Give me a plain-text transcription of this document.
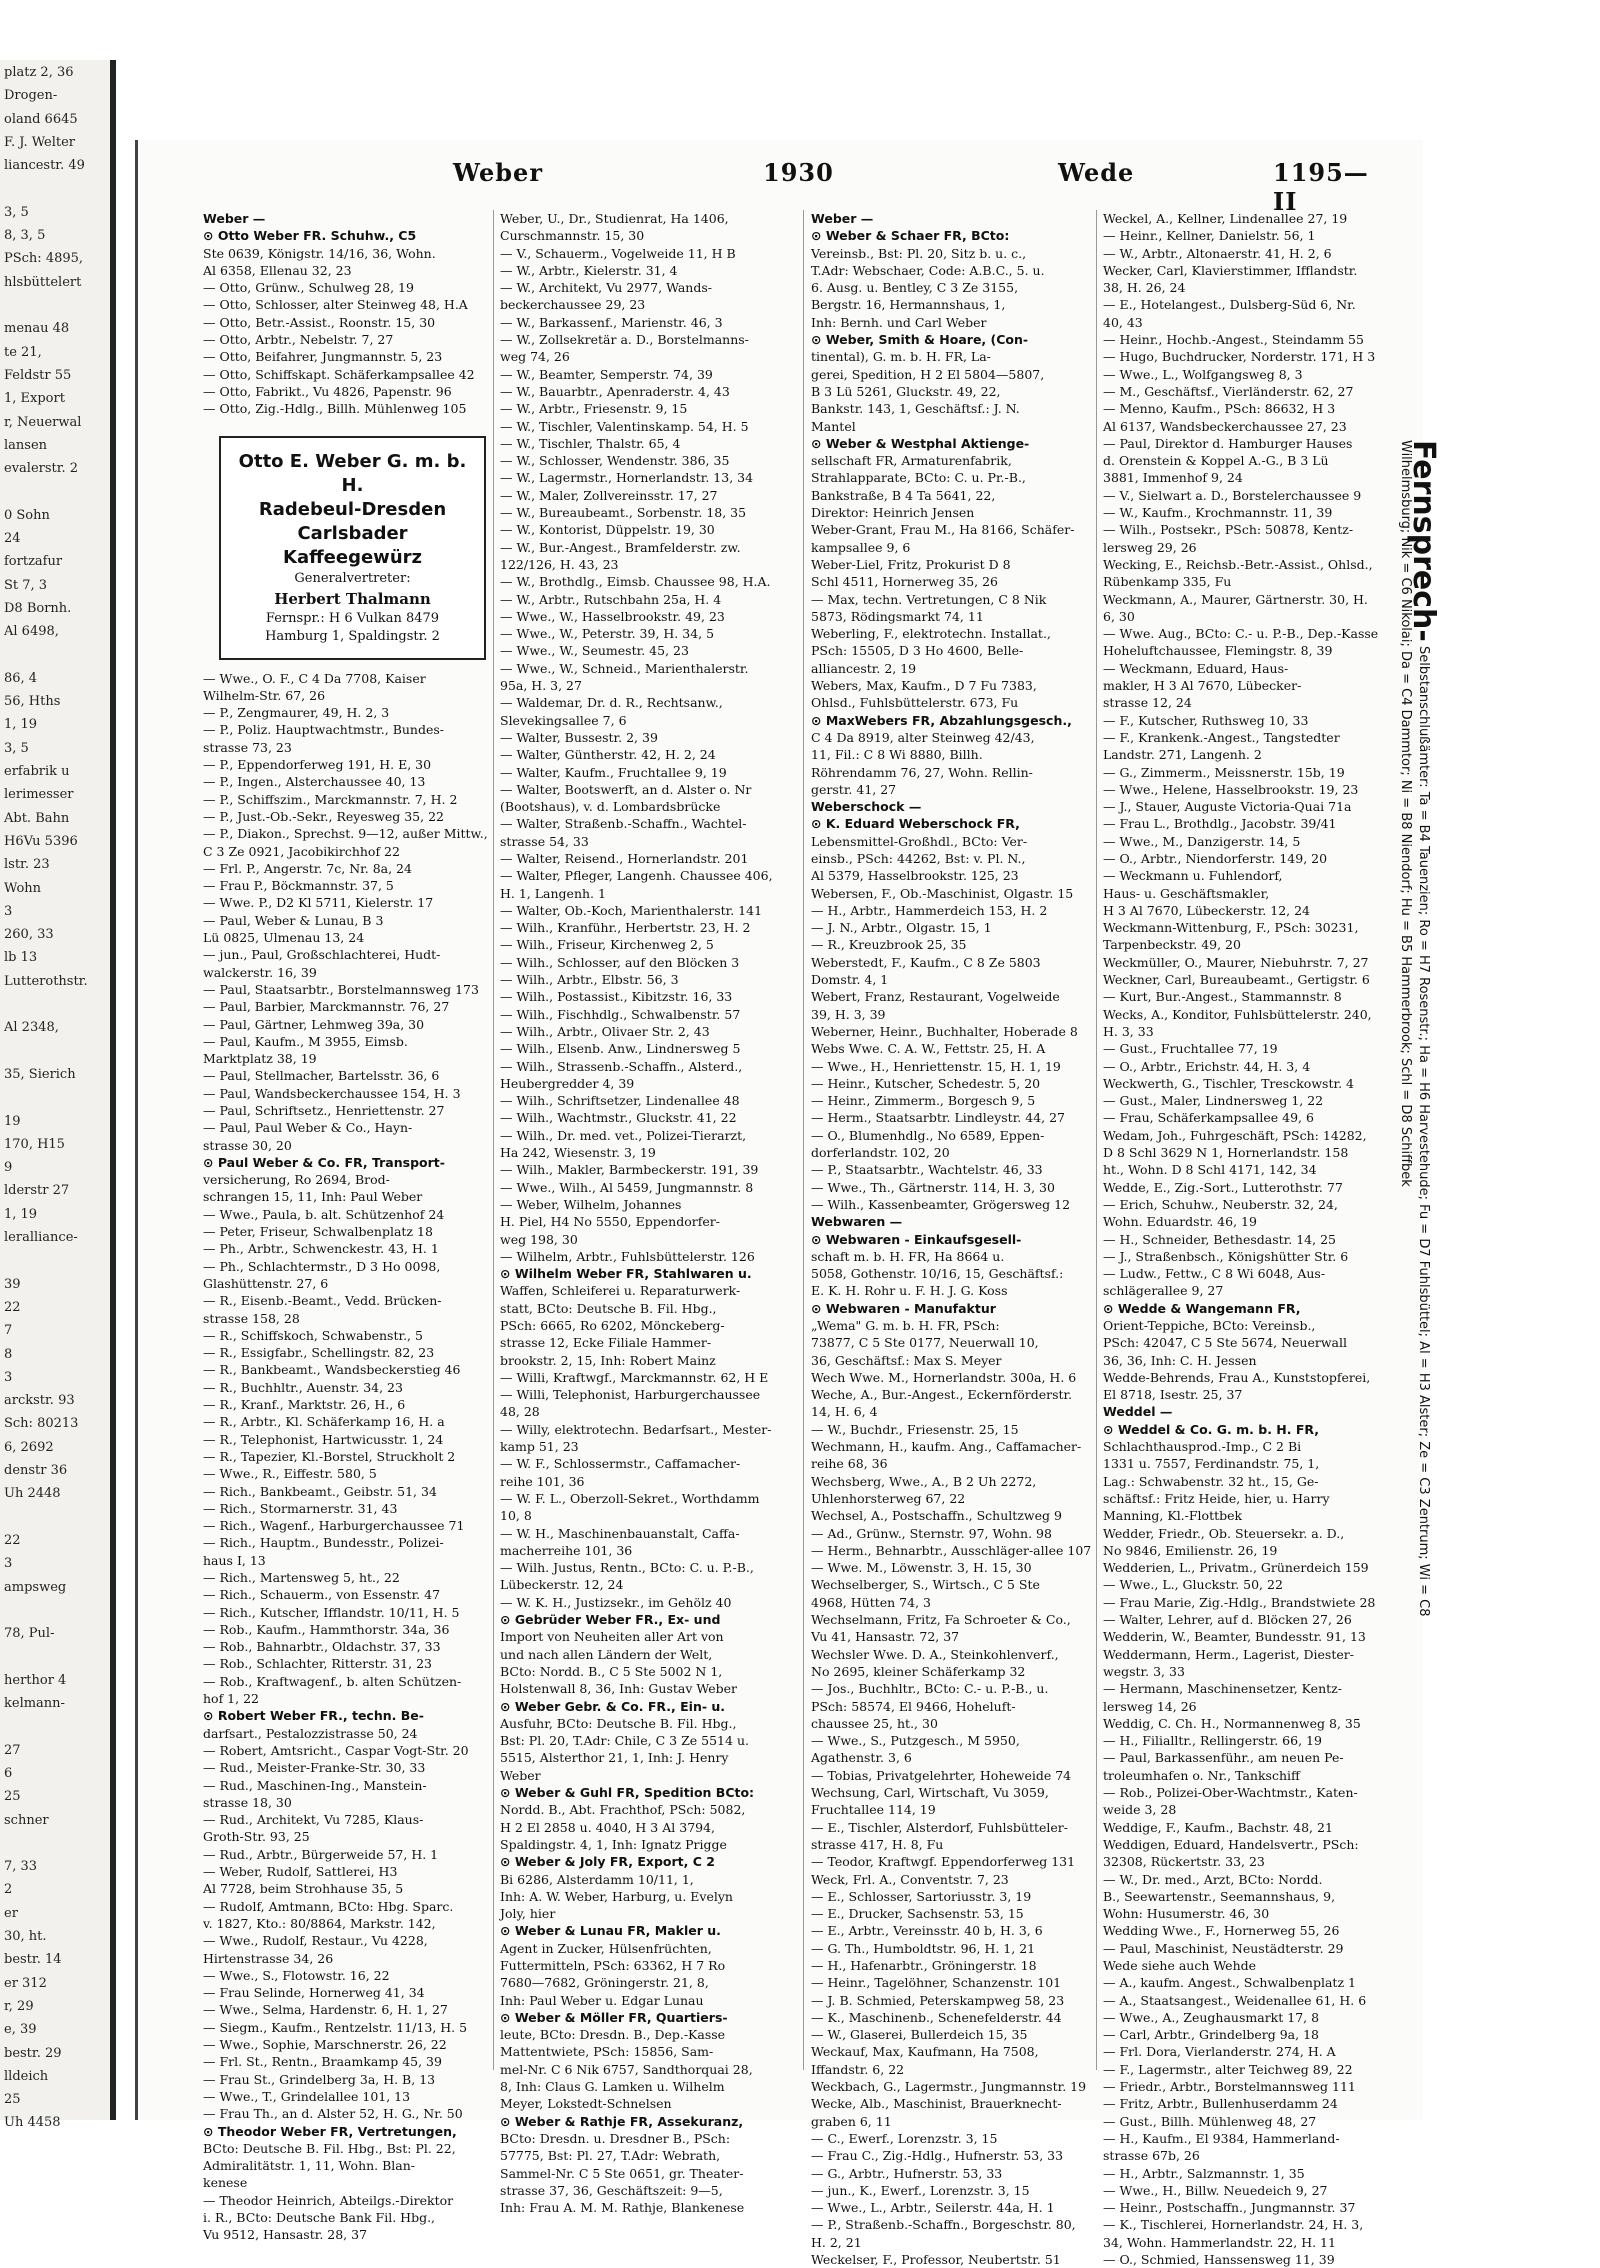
platz 2, 36
Drogen-
oland 6645
F. J. Welter
liancestr. 49
3, 5
8, 3, 5
PSch: 4895,
hlsbüttelert
menau 48
te 21,
Feldstr 55
1, Export
r, Neuerwal
lansen
evalerstr. 2
0 Sohn
24
fortzafur
St 7, 3
D8 Bornh.
Al 6498,
86, 4
56, Hths
1, 19
3, 5
erfabrik u
lerimesser
Abt. Bahn
H6Vu 5396
lstr. 23
Wohn
3
260, 33
lb 13
Lutterothstr.
Al 2348,
35, Sierich
19
170, H15
9
lderstr 27
1, 19
leralliance-
39
22
7
8
3
arckstr. 93
Sch: 80213
6, 2692
denstr 36
Uh 2448
22
3
ampsweg
78, Pul-
herthor 4
kelmann-
27
6
25
schner
7, 33
2
er
30, ht.
bestr. 14
er 312
r, 29
e, 39
bestr. 29
lldeich
25
Uh 4458
Weber	1930	Wede	1195—II
Weber —
⊙ Otto Weber FR. Schuhw., C5
Ste 0639, Königstr. 14/16, 36, Wohn.
Al 6358, Ellenau 32, 23
— Otto, Grünw., Schulweg 28, 19
— Otto, Schlosser, alter Steinweg 48, H.A
— Otto, Betr.-Assist., Roonstr. 15, 30
— Otto, Arbtr., Nebelstr. 7, 27
— Otto, Beifahrer, Jungmannstr. 5, 23
— Otto, Schiffskapt. Schäferkampsallee 42
— Otto, Fabrikt., Vu 4826, Papenstr. 96
— Otto, Zig.-Hdlg., Billh. Mühlenweg 105
Otto E. Weber G. m. b. H.
Radebeul-Dresden
Carlsbader Kaffeegewürz
Generalvertreter:
Herbert Thalmann
Fernspr.: H 6 Vulkan 8479
Hamburg 1, Spaldingstr. 2
— Wwe., O. F., C 4 Da 7708, Kaiser
Wilhelm-Str. 67, 26
— P., Zengmaurer, 49, H. 2, 3
— P., Poliz. Hauptwachtmstr., Bundes-
strasse 73, 23
— P., Eppendorferweg 191, H. E, 30
— P., Ingen., Alsterchaussee 40, 13
— P., Schiffszim., Marckmannstr. 7, H. 2
— P., Just.-Ob.-Sekr., Reyesweg 35, 22
— P., Diakon., Sprechst. 9—12, außer Mittw.,
C 3 Ze 0921, Jacobikirchhof 22
— Frl. P., Angerstr. 7c, Nr. 8a, 24
— Frau P., Böckmannstr. 37, 5
— Wwe. P., D2 Kl 5711, Kielerstr. 17
— Paul, Weber & Lunau, B 3
Lü 0825, Ulmenau 13, 24
— jun., Paul, Großschlachterei, Hudt-
walckerstr. 16, 39
— Paul, Staatsarbtr., Borstelmannsweg 173
— Paul, Barbier, Marckmannstr. 76, 27
— Paul, Gärtner, Lehmweg 39a, 30
— Paul, Kaufm., M 3955, Eimsb.
Marktplatz 38, 19
— Paul, Stellmacher, Bartelsstr. 36, 6
— Paul, Wandsbeckerchaussee 154, H. 3
— Paul, Schriftsetz., Henriettenstr. 27
— Paul, Paul Weber & Co., Hayn-
strasse 30, 20
⊙ Paul Weber & Co. FR, Transport-
versicherung, Ro 2694, Brod-
schrangen 15, 11, Inh: Paul Weber
— Wwe., Paula, b. alt. Schützenhof 24
— Peter, Friseur, Schwalbenplatz 18
— Ph., Arbtr., Schwenckestr. 43, H. 1
— Ph., Schlachtermstr., D 3 Ho 0098,
Glashüttenstr. 27, 6
— R., Eisenb.-Beamt., Vedd. Brücken-
strasse 158, 28
— R., Schiffskoch, Schwabenstr., 5
— R., Essigfabr., Schellingstr. 82, 23
— R., Bankbeamt., Wandsbeckerstieg 46
— R., Buchhltr., Auenstr. 34, 23
— R., Kranf., Marktstr. 26, H., 6
— R., Arbtr., Kl. Schäferkamp 16, H. a
— R., Telephonist, Hartwicusstr. 1, 24
— R., Tapezier, Kl.-Borstel, Struckholt 2
— Wwe., R., Eiffestr. 580, 5
— Rich., Bankbeamt., Geibstr. 51, 34
— Rich., Stormarnerstr. 31, 43
— Rich., Wagenf., Harburgerchaussee 71
— Rich., Hauptm., Bundesstr., Polizei-
haus I, 13
— Rich., Martensweg 5, ht., 22
— Rich., Schauerm., von Essenstr. 47
— Rich., Kutscher, Ifflandstr. 10/11, H. 5
— Rob., Kaufm., Hammthorstr. 34a, 36
— Rob., Bahnarbtr., Oldachstr. 37, 33
— Rob., Schlachter, Ritterstr. 31, 23
— Rob., Kraftwagenf., b. alten Schützen-
hof 1, 22
⊙ Robert Weber FR., techn. Be-
darfsart., Pestalozzistrasse 50, 24
— Robert, Amtsricht., Caspar Vogt-Str. 20
— Rud., Meister-Franke-Str. 30, 33
— Rud., Maschinen-Ing., Manstein-
strasse 18, 30
— Rud., Architekt, Vu 7285, Klaus-
Groth-Str. 93, 25
— Rud., Arbtr., Bürgerweide 57, H. 1
— Weber, Rudolf, Sattlerei, H3
Al 7728, beim Strohhause 35, 5
— Rudolf, Amtmann, BCto: Hbg. Sparc.
v. 1827, Kto.: 80/8864, Markstr. 142,
— Wwe., Rudolf, Restaur., Vu 4228,
Hirtenstrasse 34, 26
— Wwe., S., Flotowstr. 16, 22
— Frau Selinde, Hornerweg 41, 34
— Wwe., Selma, Hardenstr. 6, H. 1, 27
— Siegm., Kaufm., Rentzelstr. 11/13, H. 5
— Wwe., Sophie, Marschnerstr. 26, 22
— Frl. St., Rentn., Braamkamp 45, 39
— Frau St., Grindelberg 3a, H. B, 13
— Wwe., T., Grindelallee 101, 13
— Frau Th., an d. Alster 52, H. G., Nr. 50
⊙ Theodor Weber FR, Vertretungen,
BCto: Deutsche B. Fil. Hbg., Bst: Pl. 22,
Admiralitätstr. 1, 11, Wohn. Blan-
kenese
— Theodor Heinrich, Abteilgs.-Direktor
i. R., BCto: Deutsche Bank Fil. Hbg.,
Vu 9512, Hansastr. 28, 37
Weber, U., Dr., Studienrat, Ha 1406,
Curschmannstr. 15, 30
— V., Schauerm., Vogelweide 11, H B
— W., Arbtr., Kielerstr. 31, 4
— W., Architekt, Vu 2977, Wands-
beckerchaussee 29, 23
— W., Barkassenf., Marienstr. 46, 3
— W., Zollsekretär a. D., Borstelmanns-
weg 74, 26
— W., Beamter, Semperstr. 74, 39
— W., Bauarbtr., Apenraderstr. 4, 43
— W., Arbtr., Friesenstr. 9, 15
— W., Tischler, Valentinskamp. 54, H. 5
— W., Tischler, Thalstr. 65, 4
— W., Schlosser, Wendenstr. 386, 35
— W., Lagermstr., Hornerlandstr. 13, 34
— W., Maler, Zollvereinsstr. 17, 27
— W., Bureaubeamt., Sorbenstr. 18, 35
— W., Kontorist, Düppelstr. 19, 30
— W., Bur.-Angest., Bramfelderstr. zw.
122/126, H. 43, 23
— W., Brothdlg., Eimsb. Chaussee 98, H.A.
— W., Arbtr., Rutschbahn 25a, H. 4
— Wwe., W., Hasselbrookstr. 49, 23
— Wwe., W., Peterstr. 39, H. 34, 5
— Wwe., W., Seumestr. 45, 23
— Wwe., W., Schneid., Marienthalerstr.
95a, H. 3, 27
— Waldemar, Dr. d. R., Rechtsanw.,
Slevekingsallee 7, 6
— Walter, Bussestr. 2, 39
— Walter, Güntherstr. 42, H. 2, 24
— Walter, Kaufm., Fruchtallee 9, 19
— Walter, Bootswerft, an d. Alster o. Nr
(Bootshaus), v. d. Lombardsbrücke
— Walter, Straßenb.-Schaffn., Wachtel-
strasse 54, 33
— Walter, Reisend., Hornerlandstr. 201
— Walter, Pfleger, Langenh. Chaussee 406,
H. 1, Langenh. 1
— Walter, Ob.-Koch, Marienthalerstr. 141
— Wilh., Kranführ., Herbertstr. 23, H. 2
— Wilh., Friseur, Kirchenweg 2, 5
— Wilh., Schlosser, auf den Blöcken 3
— Wilh., Arbtr., Elbstr. 56, 3
— Wilh., Postassist., Kibitzstr. 16, 33
— Wilh., Fischhdlg., Schwalbenstr. 57
— Wilh., Arbtr., Olivaer Str. 2, 43
— Wilh., Elsenb. Anw., Lindnersweg 5
— Wilh., Strassenb.-Schaffn., Alsterd.,
Heubergredder 4, 39
— Wilh., Schriftsetzer, Lindenallee 48
— Wilh., Wachtmstr., Gluckstr. 41, 22
— Wilh., Dr. med. vet., Polizei-Tierarzt,
Ha 242, Wiesenstr. 3, 19
— Wilh., Makler, Barmbeckerstr. 191, 39
— Wwe., Wilh., Al 5459, Jungmannstr. 8
— Weber, Wilhelm, Johannes
H. Piel, H4 No 5550, Eppendorfer-
weg 198, 30
— Wilhelm, Arbtr., Fuhlsbüttelerstr. 126
⊙ Wilhelm Weber FR, Stahlwaren u.
Waffen, Schleiferei u. Reparaturwerk-
statt, BCto: Deutsche B. Fil. Hbg.,
PSch: 6665, Ro 6202, Mönckeberg-
strasse 12, Ecke Filiale Hammer-
brookstr. 2, 15, Inh: Robert Mainz
— Willi, Kraftwgf., Marckmannstr. 62, H E
— Willi, Telephonist, Harburgerchaussee
48, 28
— Willy, elektrotechn. Bedarfsart., Mester-
kamp 51, 23
— W. F., Schlossermstr., Caffamacher-
reihe 101, 36
— W. F. L., Oberzoll-Sekret., Worthdamm
10, 8
— W. H., Maschinenbauanstalt, Caffa-
macherreihe 101, 36
— Wilh. Justus, Rentn., BCto: C. u. P.-B.,
Lübeckerstr. 12, 24
— W. K. H., Justizsekr., im Gehölz 40
⊙ Gebrüder Weber FR., Ex- und
Import von Neuheiten aller Art von
und nach allen Ländern der Welt,
BCto: Nordd. B., C 5 Ste 5002 N 1,
Holstenwall 8, 36, Inh: Gustav Weber
⊙ Weber Gebr. & Co. FR., Ein- u.
Ausfuhr, BCto: Deutsche B. Fil. Hbg.,
Bst: Pl. 20, T.Adr: Chile, C 3 Ze 5514 u.
5515, Alsterthor 21, 1, Inh: J. Henry
Weber
⊙ Weber & Guhl FR, Spedition BCto:
Nordd. B., Abt. Frachthof, PSch: 5082,
H 2 El 2858 u. 4040, H 3 Al 3794,
Spaldingstr. 4, 1, Inh: Ignatz Prigge
⊙ Weber & Joly FR, Export, C 2
Bi 6286, Alsterdamm 10/11, 1,
Inh: A. W. Weber, Harburg, u. Evelyn
Joly, hier
⊙ Weber & Lunau FR, Makler u.
Agent in Zucker, Hülsenfrüchten,
Futtermitteln, PSch: 63362, H 7 Ro
7680—7682, Gröningerstr. 21, 8,
Inh: Paul Weber u. Edgar Lunau
⊙ Weber & Möller FR, Quartiers-
leute, BCto: Dresdn. B., Dep.-Kasse
Mattentwiete, PSch: 15856, Sam-
mel-Nr. C 6 Nik 6757, Sandthorquai 28,
8, Inh: Claus G. Lamken u. Wilhelm
Meyer, Lokstedt-Schnelsen
⊙ Weber & Rathje FR, Assekuranz,
BCto: Dresdn. u. Dresdner B., PSch:
57775, Bst: Pl. 27, T.Adr: Webrath,
Sammel-Nr. C 5 Ste 0651, gr. Theater-
strasse 37, 36, Geschäftszeit: 9—5,
Inh: Frau A. M. M. Rathje, Blankenese
Weber —
⊙ Weber & Schaer FR, BCto:
Vereinsb., Bst: Pl. 20, Sitz b. u. c.,
T.Adr: Webschaer, Code: A.B.C., 5. u.
6. Ausg. u. Bentley, C 3 Ze 3155,
Bergstr. 16, Hermannshaus, 1,
Inh: Bernh. und Carl Weber
⊙ Weber, Smith & Hoare, (Con-
tinental), G. m. b. H. FR, La-
gerei, Spedition, H 2 El 5804—5807,
B 3 Lü 5261, Gluckstr. 49, 22,
Bankstr. 143, 1, Geschäftsf.: J. N.
Mantel
⊙ Weber & Westphal Aktienge-
sellschaft FR, Armaturenfabrik,
Strahlapparate, BCto: C. u. Pr.-B.,
Bankstraße, B 4 Ta 5641, 22,
Direktor: Heinrich Jensen
Weber-Grant, Frau M., Ha 8166, Schäfer-
kampsallee 9, 6
Weber-Liel, Fritz, Prokurist D 8
Schl 4511, Hornerweg 35, 26
— Max, techn. Vertretungen, C 8 Nik
5873, Rödingsmarkt 74, 11
Weberling, F., elektrotechn. Installat.,
PSch: 15505, D 3 Ho 4600, Belle-
alliancestr. 2, 19
Webers, Max, Kaufm., D 7 Fu 7383,
Ohlsd., Fuhlsbüttelerstr. 673, Fu
⊙ MaxWebers FR, Abzahlungsgesch.,
C 4 Da 8919, alter Steinweg 42/43,
11, Fil.: C 8 Wi 8880, Billh.
Röhrendamm 76, 27, Wohn. Rellin-
gerstr. 41, 27
Weberschock —
⊙ K. Eduard Weberschock FR,
Lebensmittel-Großhdl., BCto: Ver-
einsb., PSch: 44262, Bst: v. Pl. N.,
Al 5379, Hasselbrookstr. 125, 23
Webersen, F., Ob.-Maschinist, Olgastr. 15
— H., Arbtr., Hammerdeich 153, H. 2
— J. N., Arbtr., Olgastr. 15, 1
— R., Kreuzbrook 25, 35
Weberstedt, F., Kaufm., C 8 Ze 5803
Domstr. 4, 1
Webert, Franz, Restaurant, Vogelweide
39, H. 3, 39
Weberner, Heinr., Buchhalter, Hoberade 8
Webs Wwe. C. A. W., Fettstr. 25, H. A
— Wwe., H., Henriettenstr. 15, H. 1, 19
— Heinr., Kutscher, Schedestr. 5, 20
— Heinr., Zimmerm., Borgesch 9, 5
— Herm., Staatsarbtr. Lindleystr. 44, 27
— O., Blumenhdlg., No 6589, Eppen-
dorferlandstr. 102, 20
— P., Staatsarbtr., Wachtelstr. 46, 33
— Wwe., Th., Gärtnerstr. 114, H. 3, 30
— Wilh., Kassenbeamter, Grögersweg 12
Webwaren —
⊙ Webwaren - Einkaufsgesell-
schaft m. b. H. FR, Ha 8664 u.
5058, Gothenstr. 10/16, 15, Geschäftsf.:
E. K. H. Rohr u. F. H. J. G. Koss
⊙ Webwaren - Manufaktur
„Wema" G. m. b. H. FR, PSch:
73877, C 5 Ste 0177, Neuerwall 10,
36, Geschäftsf.: Max S. Meyer
Wech Wwe. M., Hornerlandstr. 300a, H. 6
Weche, A., Bur.-Angest., Eckernförderstr.
14, H. 6, 4
— W., Buchdr., Friesenstr. 25, 15
Wechmann, H., kaufm. Ang., Caffamacher-
reihe 68, 36
Wechsberg, Wwe., A., B 2 Uh 2272,
Uhlenhorsterweg 67, 22
Wechsel, A., Postschaffn., Schultzweg 9
— Ad., Grünw., Sternstr. 97, Wohn. 98
— Herm., Behnarbtr., Ausschläger-allee 107
— Wwe. M., Löwenstr. 3, H. 15, 30
Wechselberger, S., Wirtsch., C 5 Ste
4968, Hütten 74, 3
Wechselmann, Fritz, Fa Schroeter & Co.,
Vu 41, Hansastr. 72, 37
Wechsler Wwe. D. A., Steinkohlenverf.,
No 2695, kleiner Schäferkamp 32
— Jos., Buchhltr., BCto: C.- u. P.-B., u.
PSch: 58574, El 9466, Hoheluft-
chaussee 25, ht., 30
— Wwe., S., Putzgesch., M 5950,
Agathenstr. 3, 6
— Tobias, Privatgelehrter, Hoheweide 74
Wechsung, Carl, Wirtschaft, Vu 3059,
Fruchtallee 114, 19
— E., Tischler, Alsterdorf, Fuhlsbütteler-
strasse 417, H. 8, Fu
— Teodor, Kraftwgf. Eppendorferweg 131
Weck, Frl. A., Conventstr. 7, 23
— E., Schlosser, Sartoriusstr. 3, 19
— E., Drucker, Sachsenstr. 53, 15
— E., Arbtr., Vereinsstr. 40 b, H. 3, 6
— G. Th., Humboldtstr. 96, H. 1, 21
— H., Hafenarbtr., Gröningerstr. 18
— Heinr., Tagelöhner, Schanzenstr. 101
— J. B. Schmied, Peterskampweg 58, 23
— K., Maschinenb., Schenefelderstr. 44
— W., Glaserei, Bullerdeich 15, 35
Weckauf, Max, Kaufmann, Ha 7508,
Iffandstr. 6, 22
Weckbach, G., Lagermstr., Jungmannstr. 19
Wecke, Alb., Maschinist, Brauerknecht-
graben 6, 11
— C., Ewerf., Lorenzstr. 3, 15
— Frau C., Zig.-Hdlg., Hufnerstr. 53, 33
— G., Arbtr., Hufnerstr. 53, 33
— jun., K., Ewerf., Lorenzstr. 3, 15
— Wwe., L., Arbtr., Seilerstr. 44a, H. 1
— P., Straßenb.-Schaffn., Borgeschstr. 80,
H. 2, 21
Weckelser, F., Professor, Neubertstr. 51
Weckel, A., Kellner, Lindenallee 27, 19
— Heinr., Kellner, Danielstr. 56, 1
— W., Arbtr., Altonaerstr. 41, H. 2, 6
Wecker, Carl, Klavierstimmer, Ifflandstr.
38, H. 26, 24
— E., Hotelangest., Dulsberg-Süd 6, Nr.
40, 43
— Heinr., Hochb.-Angest., Steindamm 55
— Hugo, Buchdrucker, Norderstr. 171, H 3
— Wwe., L., Wolfgangsweg 8, 3
— M., Geschäftsf., Vierländerstr. 62, 27
— Menno, Kaufm., PSch: 86632, H 3
Al 6137, Wandsbeckerchaussee 27, 23
— Paul, Direktor d. Hamburger Hauses
d. Orenstein & Koppel A.-G., B 3 Lü
3881, Immenhof 9, 24
— V., Sielwart a. D., Borstelerchaussee 9
— W., Kaufm., Krochmannstr. 11, 39
— Wilh., Postsekr., PSch: 50878, Kentz-
lersweg 29, 26
Wecking, E., Reichsb.-Betr.-Assist., Ohlsd.,
Rübenkamp 335, Fu
Weckmann, A., Maurer, Gärtnerstr. 30, H.
6, 30
— Wwe. Aug., BCto: C.- u. P.-B., Dep.-Kasse
Hoheluftchaussee, Flemingstr. 8, 39
— Weckmann, Eduard, Haus-
makler, H 3 Al 7670, Lübecker-
strasse 12, 24
— F., Kutscher, Ruthsweg 10, 33
— F., Krankenk.-Angest., Tangstedter
Landstr. 271, Langenh. 2
— G., Zimmerm., Meissnerstr. 15b, 19
— Wwe., Helene, Hasselbrookstr. 19, 23
— J., Stauer, Auguste Victoria-Quai 71a
— Frau L., Brothdlg., Jacobstr. 39/41
— Wwe., M., Danzigerstr. 14, 5
— O., Arbtr., Niendorferstr. 149, 20
— Weckmann u. Fuhlendorf,
Haus- u. Geschäftsmakler,
H 3 Al 7670, Lübeckerstr. 12, 24
Weckmann-Wittenburg, F., PSch: 30231,
Tarpenbeckstr. 49, 20
Weckmüller, O., Maurer, Niebuhrstr. 7, 27
Weckner, Carl, Bureaubeamt., Gertigstr. 6
— Kurt, Bur.-Angest., Stammannstr. 8
Wecks, A., Konditor, Fuhlsbüttelerstr. 240,
H. 3, 33
— Gust., Fruchtallee 77, 19
— O., Arbtr., Erichstr. 44, H. 3, 4
Weckwerth, G., Tischler, Tresckowstr. 4
— Gust., Maler, Lindnersweg 1, 22
— Frau, Schäferkampsallee 49, 6
Wedam, Joh., Fuhrgeschäft, PSch: 14282,
D 8 Schl 3629 N 1, Hornerlandstr. 158
ht., Wohn. D 8 Schl 4171, 142, 34
Wedde, E., Zig.-Sort., Lutterothstr. 77
— Erich, Schuhw., Neuberstr. 32, 24,
Wohn. Eduardstr. 46, 19
— H., Schneider, Bethesdastr. 14, 25
— J., Straßenbsch., Königshütter Str. 6
— Ludw., Fettw., C 8 Wi 6048, Aus-
schlägerallee 9, 27
⊙ Wedde & Wangemann FR,
Orient-Teppiche, BCto: Vereinsb.,
PSch: 42047, C 5 Ste 5674, Neuerwall
36, 36, Inh: C. H. Jessen
Wedde-Behrends, Frau A., Kunststopferei,
El 8718, Isestr. 25, 37
Weddel —
⊙ Weddel & Co. G. m. b. H. FR,
Schlachthausprod.-Imp., C 2 Bi
1331 u. 7557, Ferdinandstr. 75, 1,
Lag.: Schwabenstr. 32 ht., 15, Ge-
schäftsf.: Fritz Heide, hier, u. Harry
Manning, Kl.-Flottbek
Wedder, Friedr., Ob. Steuersekr. a. D.,
No 9846, Emilienstr. 26, 19
Wedderien, L., Privatm., Grünerdeich 159
— Wwe., L., Gluckstr. 50, 22
— Frau Marie, Zig.-Hdlg., Brandstwiete 28
— Walter, Lehrer, auf d. Blöcken 27, 26
Wedderin, W., Beamter, Bundesstr. 91, 13
Weddermann, Herm., Lagerist, Diester-
wegstr. 3, 33
— Hermann, Maschinensetzer, Kentz-
lersweg 14, 26
Weddig, C. Ch. H., Normannenweg 8, 35
— H., Filialltr., Rellingerstr. 66, 19
— Paul, Barkassenführ., am neuen Pe-
troleumhafen o. Nr., Tankschiff
— Rob., Polizei-Ober-Wachtmstr., Katen-
weide 3, 28
Weddige, F., Kaufm., Bachstr. 48, 21
Weddigen, Eduard, Handelsvertr., PSch:
32308, Rückertstr. 33, 23
— W., Dr. med., Arzt, BCto: Nordd.
B., Seewartenstr., Seemannshaus, 9,
Wohn: Husumerstr. 46, 30
Wedding Wwe., F., Hornerweg 55, 26
— Paul, Maschinist, Neustädterstr. 29
Wede siehe auch Wehde
— A., kaufm. Angest., Schwalbenplatz 1
— A., Staatsangest., Weidenallee 61, H. 6
— Wwe., A., Zeughausmarkt 17, 8
— Carl, Arbtr., Grindelberg 9a, 18
— Frl. Dora, Vierlanderstr. 274, H. A
— F., Lagermstr., alter Teichweg 89, 22
— Friedr., Arbtr., Borstelmannsweg 111
— Fritz, Arbtr., Bullenhuserdamm 24
— Gust., Billh. Mühlenweg 48, 27
— H., Kaufm., El 9384, Hammerland-
strasse 67b, 26
— H., Arbtr., Salzmannstr. 1, 35
— Wwe., H., Billw. Neuedeich 9, 27
— Heinr., Postschaffn., Jungmannstr. 37
— K., Tischlerei, Hornerlandstr. 24, H. 3,
34, Wohn. Hammerlandstr. 22, H. 11
— O., Schmied, Hanssensweg 11, 39
Fernsprech- Selbstanschlußämter: Ta = B4 Tauenzien; Ro = H7 Rosenstr.; Ha = H6 Harvestehude; Fu = D7 Fuhlsbüttel; Al = H3 Alster; Ze = C3 Zentrum; Wi = C8 Wilhelmsburg; Nik = C6 Nikolai; Da = C4 Dammtor; Ni = B8 Niendorf; Hu = B5 Hammerbrook; Schl = D8 Schiffbek
